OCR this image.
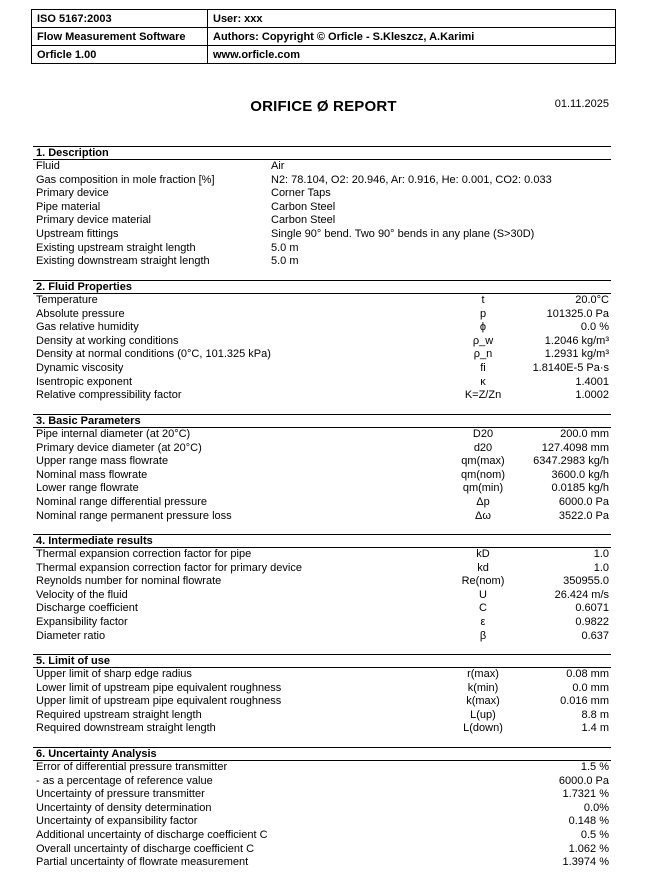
ISO 5167:2003	User: xxx
Flow Measurement Software	Authors: Copyright © Orficle - S.Kleszcz, A.Karimi
Orficle 1.00	www.orficle.com
ORIFICE Ø REPORT	01.11.2025
1. Description
Fluid	Air
Gas composition in mole fraction [%]	N2: 78.104, O2: 20.946, Ar: 0.916, He: 0.001, CO2: 0.033
Primary device	Corner Taps
Pipe material	Carbon Steel
Primary device material	Carbon Steel
Upstream fittings	Single 90° bend. Two 90° bends in any plane (S>30D)
Existing upstream straight length	5.0 m
Existing downstream straight length	5.0 m
2. Fluid Properties
Temperature	t	20.0°C
Absolute pressure	p	101325.0 Pa
Gas relative humidity	ϕ	0.0 %
Density at working conditions	ρ_w	1.2046 kg/m³
Density at normal conditions (0°C, 101.325 kPa)	ρ_n	1.2931 kg/m³
Dynamic viscosity	fi	1.8140E-5 Pa·s
Isentropic exponent	κ	1.4001
Relative compressibility factor	K=Z/Zn	1.0002
3. Basic Parameters
Pipe internal diameter (at 20°C)	D20	200.0 mm
Primary device diameter (at 20°C)	d20	127.4098 mm
Upper range mass flowrate	qm(max)	6347.2983 kg/h
Nominal mass flowrate	qm(nom)	3600.0 kg/h
Lower range flowrate	qm(min)	0.0185 kg/h
Nominal range differential pressure	Δp	6000.0 Pa
Nominal range permanent pressure loss	Δω	3522.0 Pa
4. Intermediate results
Thermal expansion correction factor for pipe	kD	1.0
Thermal expansion correction factor for primary device	kd	1.0
Reynolds number for nominal flowrate	Re(nom)	350955.0
Velocity of the fluid	U	26.424 m/s
Discharge coefficient	C	0.6071
Expansibility factor	ε	0.9822
Diameter ratio	β	0.637
5. Limit of use
Upper limit of sharp edge radius	r(max)	0.08 mm
Lower limit of upstream pipe equivalent roughness	k(min)	0.0 mm
Upper limit of upstream pipe equivalent roughness	k(max)	0.016 mm
Required upstream straight length	L(up)	8.8 m
Required downstream straight length	L(down)	1.4 m
6. Uncertainty Analysis
Error of differential pressure transmitter	1.5 %
- as a percentage of reference value	6000.0 Pa
Uncertainty of pressure transmitter	1.7321 %
Uncertainty of density determination	0.0%
Uncertainty of expansibility factor	0.148 %
Additional uncertainty of discharge coefficient C	0.5 %
Overall uncertainty of discharge coefficient C	1.062 %
Partial uncertainty of flowrate measurement	1.3974 %
